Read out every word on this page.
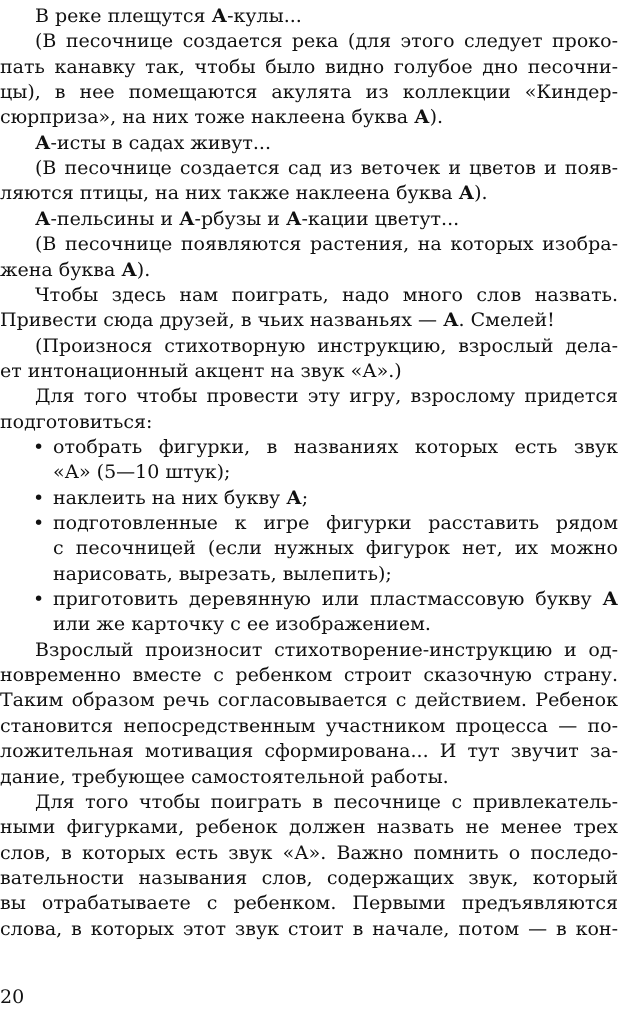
В реке плещутся А-кулы...
(В песочнице создается река (для этого следует проко-
пать канавку так, чтобы было видно голубое дно песочни-
цы), в нее помещаются акулята из коллекции «Киндер-
сюрприза», на них тоже наклеена буква А).
А-исты в садах живут...
(В песочнице создается сад из веточек и цветов и появ-
ляются птицы, на них также наклеена буква А).
А-пельсины и А-рбузы и А-кации цветут...
(В песочнице появляются растения, на которых изобра-
жена буква А).
Чтобы здесь нам поиграть, надо много слов назвать.
Привести сюда друзей, в чьих названьях — А. Смелей!
(Произнося стихотворную инструкцию, взрослый дела-
ет интонационный акцент на звук «А».)
Для того чтобы провести эту игру, взрослому придется
подготовиться:
отобрать фигурки, в названиях которых есть звук
•
«А» (5—10 штук);
наклеить на них букву А;
•
подготовленные к игре фигурки расставить рядом
•
с песочницей (если нужных фигурок нет, их можно
нарисовать, вырезать, вылепить);
приготовить деревянную или пластмассовую букву А
•
или же карточку с ее изображением.
Взрослый произносит стихотворение-инструкцию и од-
новременно вместе с ребенком строит сказочную страну.
Таким образом речь согласовывается с действием. Ребенок
становится непосредственным участником процесса — по-
ложительная мотивация сформирована... И тут звучит за-
дание, требующее самостоятельной работы.
Для того чтобы поиграть в песочнице с привлекатель-
ными фигурками, ребенок должен назвать не менее трех
слов, в которых есть звук «А». Важно помнить о последо-
вательности называния слов, содержащих звук, который
вы отрабатываете с ребенком. Первыми предъявляются
слова, в которых этот звук стоит в начале, потом — в кон-
20
